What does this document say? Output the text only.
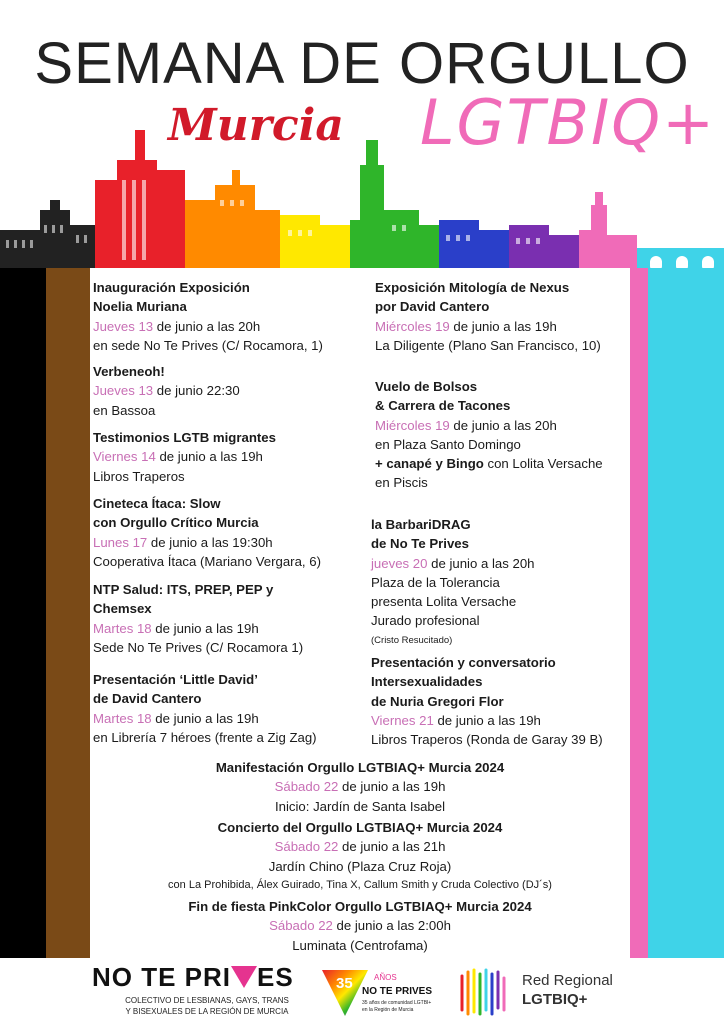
SEMANA DE ORGULLO
Murcia LGTBIQ+
Inauguración Exposición
Noelia Muriana
Jueves 13 de junio a las 20h
en sede No Te Prives (C/ Rocamora, 1)
Verbeneoh!
Jueves 13 de junio 22:30
en Bassoa
Testimonios LGTB migrantes
Viernes 14 de junio a las 19h
Libros Traperos
Cineteca Ítaca: Slow
con Orgullo Crítico Murcia
Lunes 17 de junio a las 19:30h
Cooperativa Ítaca (Mariano Vergara, 6)
NTP Salud: ITS, PREP, PEP y
Chemsex
Martes 18 de junio a las 19h
Sede No Te Prives (C/ Rocamora 1)
Presentación ‘Little David’
de David Cantero
Martes 18 de junio a las 19h
en Librería 7 héroes (frente a Zig Zag)
Exposición Mitología de Nexus
por David Cantero
Miércoles 19 de junio a las 19h
La Diligente (Plano San Francisco, 10)
Vuelo de Bolsos
& Carrera de Tacones
Miércoles 19 de junio a las 20h
en Plaza Santo Domingo
+ canapé y Bingo con Lolita Versache
en Piscis
la BarbariDRAG
de No Te Prives
jueves 20 de junio a las 20h
Plaza de la Tolerancia
presenta Lolita Versache
Jurado profesional
(Cristo Resucitado)
Presentación y conversatorio
Intersexualidades
de Nuria Gregori Flor
Viernes 21 de junio a las 19h
Libros Traperos (Ronda de Garay 39 B)
Manifestación Orgullo LGTBIAQ+ Murcia 2024
Sábado 22 de junio a las 19h
Inicio: Jardín de Santa Isabel
Concierto del Orgullo LGTBIAQ+ Murcia 2024
Sábado 22 de junio a las 21h
Jardín Chino (Plaza Cruz Roja)
con La Prohibida, Álex Guirado, Tina X, Callum Smith y Cruda Colectivo (DJ´s)
Fin de fiesta PinkColor Orgullo LGTBIAQ+ Murcia 2024
Sábado 22 de junio a las 2:00h
Luminata (Centrofama)
NO TE PRI ES
COLECTIVO DE LESBIANAS, GAYS, TRANS
Y BISEXUALES DE LA REGIÓN DE MURCIA
35	AÑOS
NO TE PRIVES
35 años de comunidad LGTBI+
en la Región de Murcia
Red Regional
LGTBIQ+
